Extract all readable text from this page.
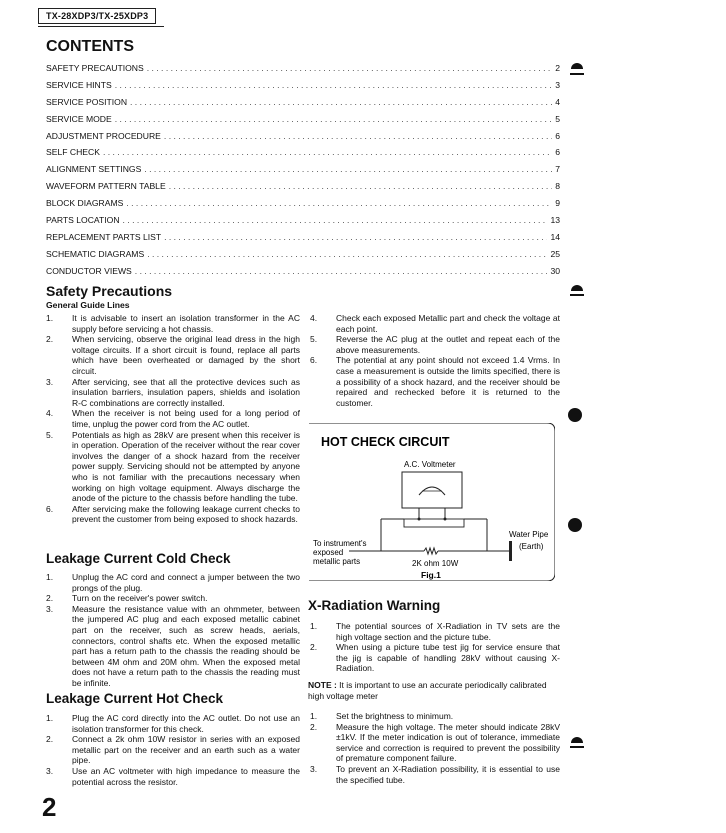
TX-28XDP3/TX-25XDP3
CONTENTS
SAFETY PRECAUTIONS . . .	2
SERVICE HINTS . . .	3
SERVICE POSITION . . .	4
SERVICE MODE . . .	5
ADJUSTMENT PROCEDURE . . .	6
SELF CHECK . . .	6
ALIGNMENT SETTINGS . . .	7
WAVEFORM PATTERN TABLE . . .	8
BLOCK DIAGRAMS . . .	9
PARTS LOCATION . . .	13
REPLACEMENT PARTS LIST . . .	14
SCHEMATIC DIAGRAMS . . .	25
CONDUCTOR VIEWS . . .	30
Safety Precautions
General Guide Lines
1.	It is advisable to insert an isolation transformer in the AC supply before servicing a hot chassis.
2.	When servicing, observe the original lead dress in the high voltage circuits. If a short circuit is found, replace all parts which have been overheated or damaged by the short circuit.
3.	After servicing, see that all the protective devices such as insulation barriers, insulation papers, shields and isolation R-C combinations are correctly installed.
4.	When the receiver is not being used for a long period of time, unplug the power cord from the AC outlet.
5.	Potentials as high as 28kV are present when this receiver is in operation. Operation of the receiver without the rear cover involves the danger of a shock hazard from the receiver power supply. Servicing should not be attempted by anyone who is not familiar with the precautions necessary when working on high voltage equipment. Always discharge the anode of the picture to the chassis before handling the tube.
6.	After servicing make the following leakage current checks to prevent the customer from being exposed to shock hazards.
4.	Check each exposed Metallic part and check the voltage at each point.
5.	Reverse the AC plug at the outlet and repeat each of the above measurements.
6.	The potential at any point should not exceed 1.4 Vrms. In case a measurement is outside the limits specified, there is a possibility of a shock hazard, and the receiver should be repaired and rechecked before it is returned to the customer.
Leakage Current Cold Check
1.	Unplug the AC cord and connect a jumper between the two prongs of the plug.
2.	Turn on the receiver's power switch.
3.	Measure the resistance value with an ohmmeter, between the jumpered AC plug and each exposed metallic cabinet part on the receiver, such as screw heads, aerials, connectors, control shafts etc. When the exposed metallic part has a return path to the chassis the reading should be between 4M ohm and 20M ohm. When the exposed metal does not have a return path to the chassis the reading must be infinite.
Leakage Current Hot Check
1.	Plug the AC cord directly into the AC outlet. Do not use an isolation transformer for this check.
2.	Connect a 2k ohm 10W resistor in series with an exposed metallic part on the receiver and an earth such as a water pipe.
3.	Use an AC voltmeter with high impedance to measure the potential across the resistor.
HOT CHECK CIRCUIT
A.C. Voltmeter
To instrument's
exposed
metallic parts
Water Pipe
(Earth)
2K ohm 10W
Fig.1
X-Radiation Warning
1.	The potential sources of X-Radiation in TV sets are the high voltage section and the picture tube.
2.	When using a picture tube test jig for service ensure that the jig is capable of handling 28kV without causing X-Radiation.

NOTE : It is important to use an accurate periodically calibrated high voltage meter

1.	Set the brightness to minimum.
2.	Measure the high voltage. The meter should indicate 28kV ±1kV. If the meter indication is out of tolerance, immediate service and correction is required to prevent the possibility of premature component failure.
3.	To prevent an X-Radiation possibility, it is essential to use the specified tube.
2
